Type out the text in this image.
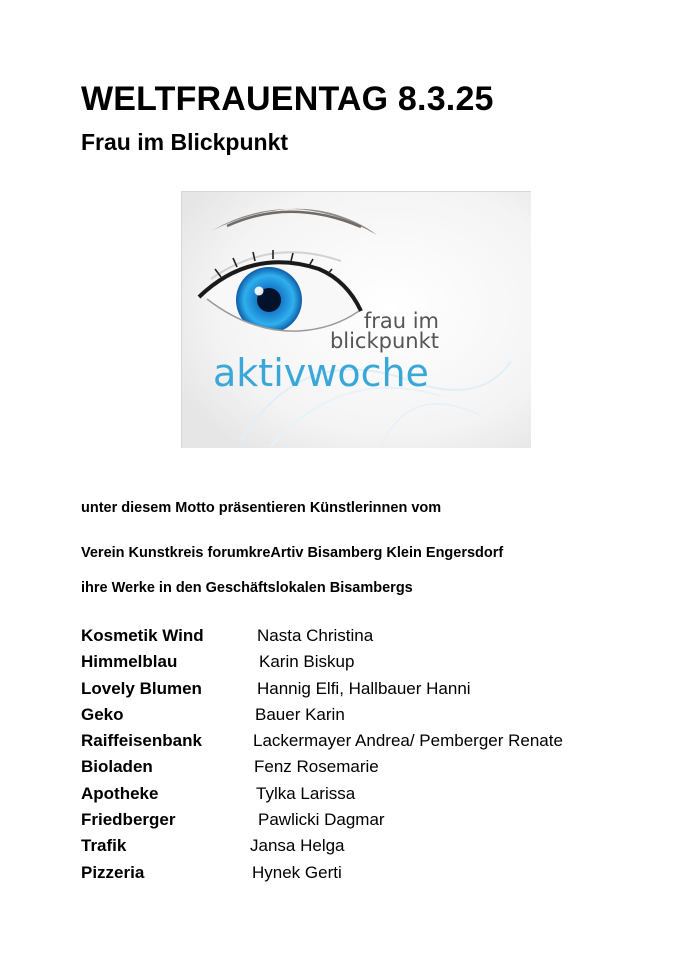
WELTFRAUENTAG 8.3.25
Frau im Blickpunkt
frau im
blickpunkt
aktivwoche

unter diesem Motto präsentieren Künstlerinnen vom

Verein Kunstkreis forumkreArtiv Bisamberg Klein Engersdorf

ihre Werke in den Geschäftslokalen Bisambergs

Kosmetik Wind	Nasta Christina
Himmelblau	Karin Biskup
Lovely Blumen	Hannig Elfi, Hallbauer Hanni
Geko	Bauer Karin
Raiffeisenbank	Lackermayer Andrea/ Pemberger Renate
Bioladen	Fenz Rosemarie
Apotheke	Tylka Larissa
Friedberger	Pawlicki Dagmar
Trafik	Jansa Helga
Pizzeria	Hynek Gerti
